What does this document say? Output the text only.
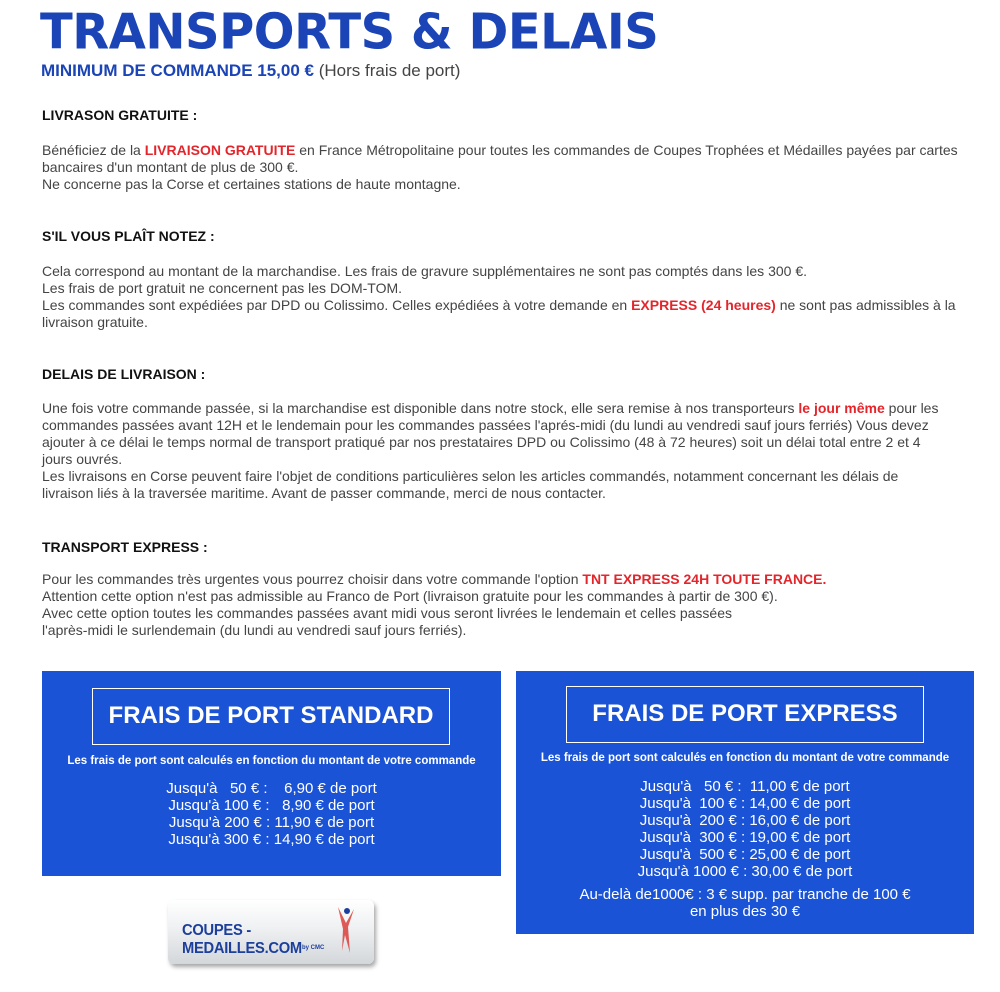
TRANSPORTS & DELAIS
MINIMUM DE COMMANDE 15,00 € (Hors frais de port)
LIVRASON GRATUITE :

Bénéficiez de la LIVRAISON GRATUITE en France Métropolitaine pour toutes les commandes de Coupes Trophées et Médailles payées par cartes bancaires d'un montant de plus de 300 €.

Ne concerne pas la Corse et certaines stations de haute montagne.

S'IL VOUS PLAÎT NOTEZ :

Cela correspond au montant de la marchandise. Les frais de gravure supplémentaires ne sont pas comptés dans les 300 €.

Les frais de port gratuit ne concernent pas les DOM-TOM.

Les commandes sont expédiées par DPD ou Colissimo. Celles expédiées à votre demande en EXPRESS (24 heures) ne sont pas admissibles à la livraison gratuite.

DELAIS DE LIVRAISON :

Une fois votre commande passée, si la marchandise est disponible dans notre stock, elle sera remise à nos transporteurs le jour même pour les commandes passées avant 12H et le lendemain pour les commandes passées l'aprés-midi (du lundi au vendredi sauf jours ferriés) Vous devez ajouter à ce délai le temps normal de transport pratiqué par nos prestataires DPD ou Colissimo (48 à 72 heures) soit un délai total entre 2 et 4 jours ouvrés.

Les livraisons en Corse peuvent faire l'objet de conditions particulières selon les articles commandés, notamment concernant les délais de livraison liés à la traversée maritime. Avant de passer commande, merci de nous contacter.

TRANSPORT EXPRESS :

Pour les commandes très urgentes vous pourrez choisir dans votre commande l'option TNT EXPRESS 24H TOUTE FRANCE.

Attention cette option n'est pas admissible au Franco de Port (livraison gratuite pour les commandes à partir de 300 €).

Avec cette option toutes les commandes passées avant midi vous seront livrées le lendemain et celles passées

l'après-midi le surlendemain (du lundi au vendredi sauf jours ferriés).

FRAIS DE PORT STANDARD
Les frais de port sont calculés en fonction du montant de votre commande
Jusqu'à   50 € :    6,90 € de port
Jusqu'à 100 € :   8,90 € de port
Jusqu'à 200 € : 11,90 € de port
Jusqu'à 300 € : 14,90 € de port
FRAIS DE PORT EXPRESS
Les frais de port sont calculés en fonction du montant de votre commande
Jusqu'à   50 € :  11,00 € de port
Jusqu'à  100 € : 14,00 € de port
Jusqu'à  200 € : 16,00 € de port
Jusqu'à  300 € : 19,00 € de port
Jusqu'à  500 € : 25,00 € de port
Jusqu'à 1000 € : 30,00 € de port
Au-delà de1000€ : 3 € supp. par tranche de 100 €
en plus des 30 €
COUPES - MEDAILLES.COM by CMC
